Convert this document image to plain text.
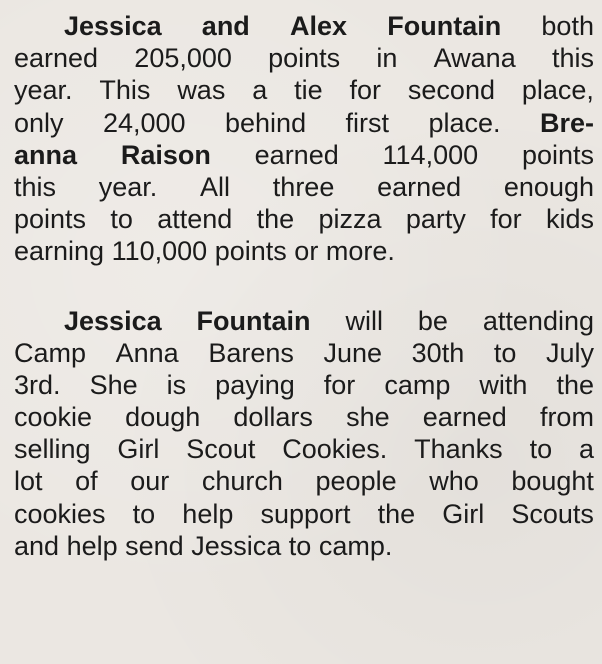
Jessica and Alex Fountain both
earned 205,000 points in Awana this
year. This was a tie for second place,
only 24,000 behind first place. Bre-
anna Raison earned 114,000 points
this year. All three earned enough
points to attend the pizza party for kids
earning 110,000 points or more.
Jessica Fountain will be attending
Camp Anna Barens June 30th to July
3rd. She is paying for camp with the
cookie dough dollars she earned from
selling Girl Scout Cookies. Thanks to a
lot of our church people who bought
cookies to help support the Girl Scouts
and help send Jessica to camp.
